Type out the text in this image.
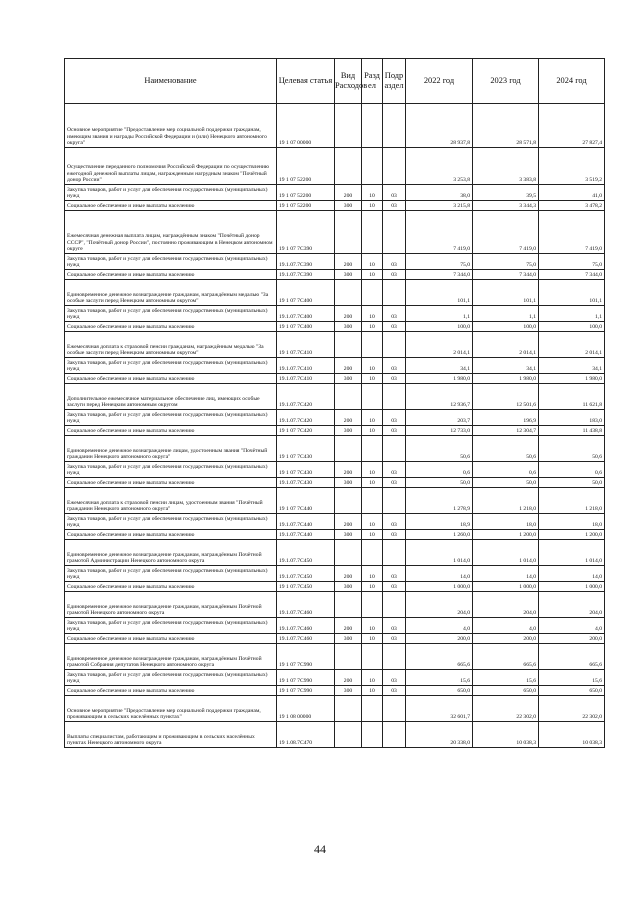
Наименование	Целевая статья	Вид Расходов	Разд ел	Подр аздел	2022 год	2023 год	2024 год
Основное мероприятие "Предоставление мер социальной поддержки гражданам, имеющим звания и награды Российской Федерации и (или) Ненецкого автономного округа"	19 1 07 00000				28 937,8	28 571,8	27 827,4
Осуществление переданного полномочия Российской Федерации по осуществлению ежегодной денежной выплаты лицам, награжденным нагрудным знаком "Почётный донор России"	19 1 07 52200				3 253,8	3 383,8	3 519,2
Закупка товаров, работ и услуг для обеспечения государственных (муниципальных) нужд	19 1 07 52200	200	10	03	38,0	39,5	41,0
Социальное обеспечение и иные выплаты населению	19 1 07 52200	300	10	03	3 215,8	3 344,3	3 478,2
Ежемесячная денежная выплата лицам, награждённым знаком "Почётный донор СССР", "Почётный донор России", постоянно проживающим в Ненецком автономном округе	19 1 07 7С390				7 419,0	7 419,0	7 419,0
Закупка товаров, работ и услуг для обеспечения государственных (муниципальных) нужд	19.1.07.7С390	200	10	03	75,0	75,0	75,0
Социальное обеспечение и иные выплаты населению	19.1.07.7С390	300	10	03	7 344,0	7 344,0	7 344,0
Единовременное денежное вознаграждение гражданам, награждённым медалью "За особые заслуги перед Ненецким автономным округом"	19 1 07 7С400				101,1	101,1	101,1
Закупка товаров, работ и услуг для обеспечения государственных (муниципальных) нужд	19.1.07.7С400	200	10	03	1,1	1,1	1,1
Социальное обеспечение и иные выплаты населению	19 1 07 7С400	300	10	03	100,0	100,0	100,0
Ежемесячная доплата к страховой пенсии гражданам, награждённым медалью "За особые заслуги перед Ненецким автономным округом"	19 1 07.7С410				2 014,1	2 014,1	2 014,1
Закупка товаров, работ и услуг для обеспечения государственных (муниципальных) нужд	19.1.07.7С410	200	10	03	34,1	34,1	34,1
Социальное обеспечение и иные выплаты населению	19.1.07.7С410	300	10	03	1 980,0	1 980,0	1 980,0
Дополнительное ежемесячное материальное обеспечение лиц, имеющих особые заслуги перед Ненецким автономным округом	19.1.07.7С420				12 936,7	12 501,6	11 621,8
Закупка товаров, работ и услуг для обеспечения государственных (муниципальных) нужд	19.1.07.7С420	200	10	03	203,7	196,9	183,0
Социальное обеспечение и иные выплаты населению	19 1 07 7С420	300	10	03	12 733,0	12 304,7	11 438,8
Единовременное денежное вознаграждение лицам, удостоенным звания "Почётный гражданин Ненецкого автономного округа"	19 1 07 7С430				50,6	50,6	50,6
Закупка товаров, работ и услуг для обеспечения государственных (муниципальных) нужд	19 1 07 7С430	200	10	03	0,6	0,6	0,6
Социальное обеспечение и иные выплаты населению	19.1.07.7С430	300	10	03	50,0	50,0	50,0
Ежемесячная доплата к страховой пенсии лицам, удостоенным звания "Почётный гражданин Ненецкого автономного округа"	19 1 07 7С440				1 278,9	1 218,0	1 218,0
Закупка товаров, работ и услуг для обеспечения государственных (муниципальных) нужд	19.1.07.7С440	200	10	03	18,9	18,0	18,0
Социальное обеспечение и иные выплаты населению	19.1.07.7С440	300	10	03	1 260,0	1 200,0	1 200,0
Единовременное денежное вознаграждение гражданам, награждённым Почётной грамотой Администрации Ненецкого автономного округа	19.1.07.7С450				1 014,0	1 014,0	1 014,0
Закупка товаров, работ и услуг для обеспечения государственных (муниципальных) нужд	19.1.07.7С450	200	10	03	14,0	14,0	14,0
Социальное обеспечение и иные выплаты населению	19 1 07.7С450	300	10	03	1 000,0	1 000,0	1 000,0
Единовременное денежное вознаграждение гражданам, награждённым Почётной грамотой Ненецкого автономного округа	19.1.07.7С460				204,0	204,0	204,0
Закупка товаров, работ и услуг для обеспечения государственных (муниципальных) нужд	19.1.07.7С460	200	10	03	4,0	4,0	4,0
Социальное обеспечение и иные выплаты населению	19.1.07.7С460	300	10	03	200,0	200,0	200,0
Единовременное денежное вознаграждение гражданам, награждённым Почётной грамотой Собрания депутатов Ненецкого автономного округа	19 1 07 7С990				665,6	665,6	665,6
Закупка товаров, работ и услуг для обеспечения государственных (муниципальных) нужд	19 1 07 7С990	200	10	03	15,6	15,6	15,6
Социальное обеспечение и иные выплаты населению	19 1 07 7С990	300	10	03	650,0	650,0	650,0
Основное мероприятие "Предоставление мер социальной поддержки гражданам, проживающим в сельских населённых пунктах"	19 1 08 00000				32 601,7	22 302,0	22 302,0
Выплаты специалистам, работающим и проживающим в сельских населённых пунктах Ненецкого автономного округа	19 1.08.7С470				20 338,0	10 038,3	10 038,3
44
